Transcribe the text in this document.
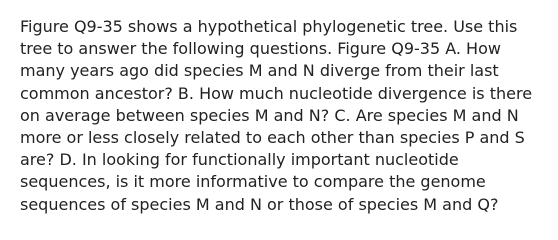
Figure Q9-35 shows a hypothetical phylogenetic tree. Use this tree to answer the following questions. Figure Q9-35 A. How many years ago did species M and N diverge from their last common ancestor? B. How much nucleotide divergence is there on average between species M and N? C. Are species M and N more or less closely related to each other than species P and S are? D. In looking for functionally important nucleotide sequences, is it more informative to compare the genome sequences of species M and N or those of species M and Q?
